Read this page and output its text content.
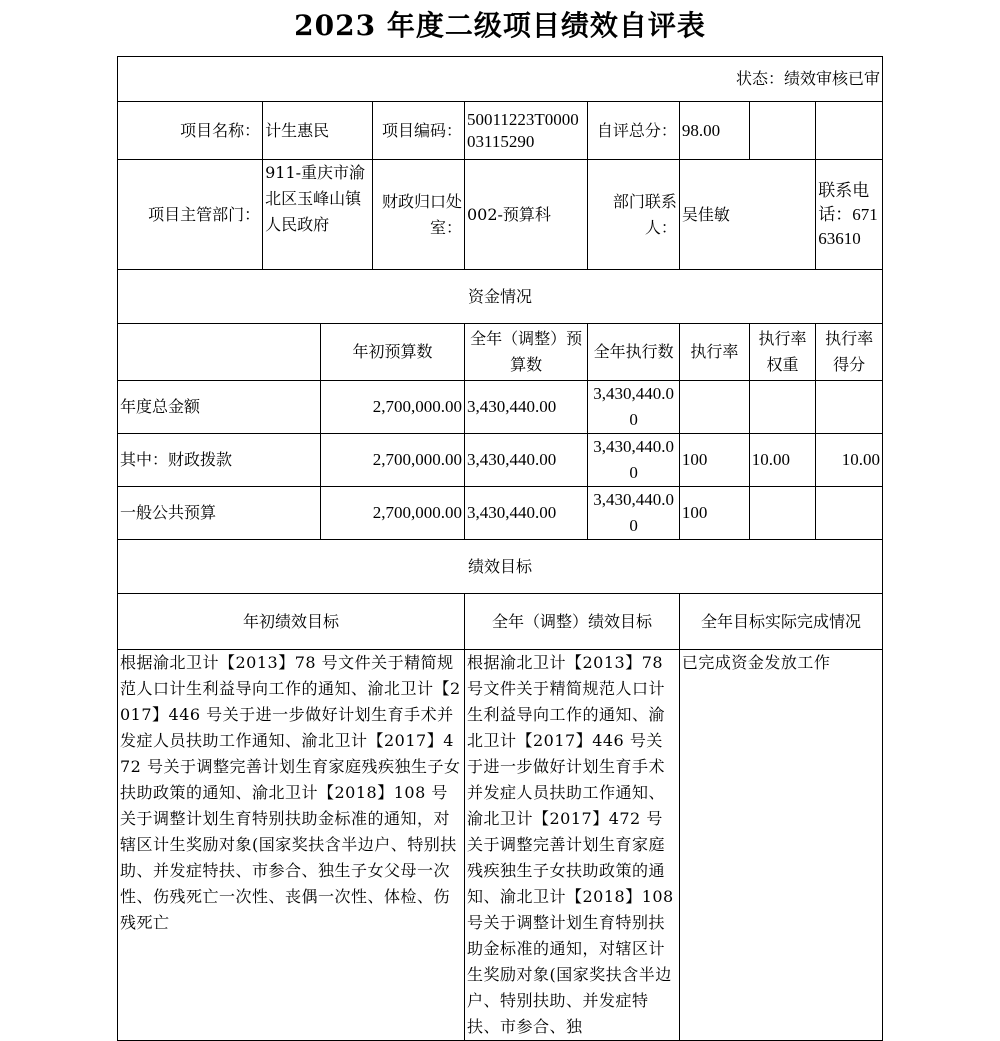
2023 年度二级项目绩效自评表
状态：绩效审核已审								
项目名称：	计生惠民		项目编码：	50011223T000003115290	自评总分：	98.00		
项目主管部门：	911-重庆市渝北区玉峰山镇人民政府		财政归口处室：	002-预算科	部门联系人：	吴佳敏		联系电话：67163610
资金情况								
		年初预算数		全年（调整）预算数	全年执行数	执行率	执行率权重	执行率得分
年度总金额		2,700,000.00		3,430,440.00	3,430,440.00			
其中：财政拨款		2,700,000.00		3,430,440.00	3,430,440.00	100	10.00	10.00
一般公共预算		2,700,000.00		3,430,440.00	3,430,440.00	100		
绩效目标								
年初绩效目标				全年（调整）绩效目标		全年目标实际完成情况		
根据渝北卫计【2013】78 号文件关于精简规范人口计生利益导向工作的通知、渝北卫计【2017】446 号关于进一步做好计划生育手术并发症人员扶助工作通知、渝北卫计【2017】472 号关于调整完善计划生育家庭残疾独生子女扶助政策的通知、渝北卫计【2018】108 号关于调整计划生育特别扶助金标准的通知，对辖区计生奖励对象(国家奖扶含半边户、特别扶助、并发症特扶、市参合、独生子女父母一次性、伤残死亡一次性、丧偶一次性、体检、伤残死亡				根据渝北卫计【2013】78 号文件关于精简规范人口计生利益导向工作的通知、渝北卫计【2017】446 号关于进一步做好计划生育手术并发症人员扶助工作通知、渝北卫计【2017】472 号关于调整完善计划生育家庭残疾独生子女扶助政策的通知、渝北卫计【2018】108 号关于调整计划生育特别扶助金标准的通知，对辖区计生奖励对象(国家奖扶含半边户、特别扶助、并发症特扶、市参合、独		已完成资金发放工作		
